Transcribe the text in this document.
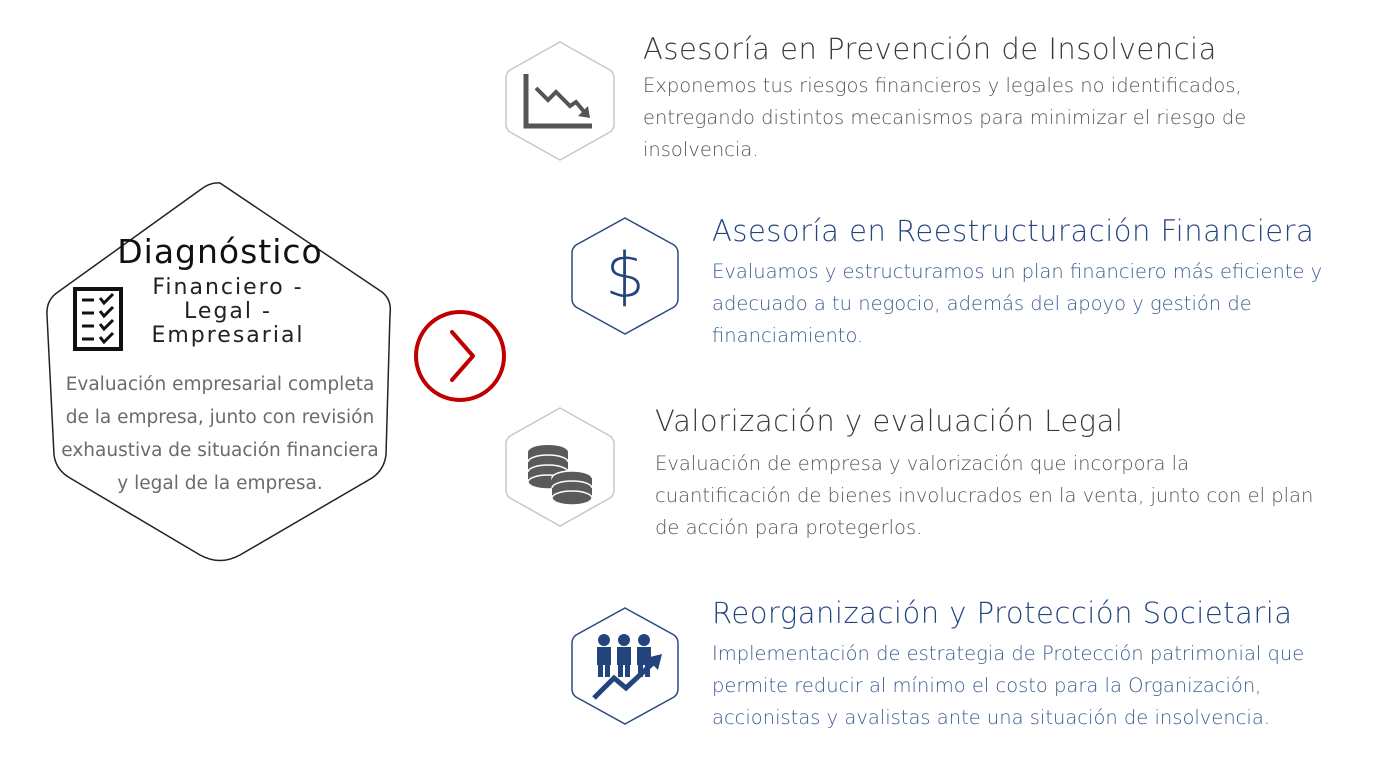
Diagnóstico
Financiero -
Legal -
Empresarial
Evaluación empresarial completa de la empresa, junto con revisión exhaustiva de situación financiera y legal de la empresa.
Asesoría en Prevención de Insolvencia
Exponemos tus riesgos financieros y legales no identificados, entregando distintos mecanismos para minimizar el riesgo de insolvencia.
$
Asesoría en Reestructuración Financiera
Evaluamos y estructuramos un plan financiero más eficiente y adecuado a tu negocio, además del apoyo y gestión de financiamiento.
Valorización y evaluación Legal
Evaluación de empresa y valorización que incorpora la cuantificación de bienes involucrados en la venta, junto con el plan de acción para protegerlos.
Reorganización y Protección Societaria
Implementación de estrategia de Protección patrimonial que permite reducir al mínimo el costo para la Organización, accionistas y avalistas ante una situación de insolvencia.
